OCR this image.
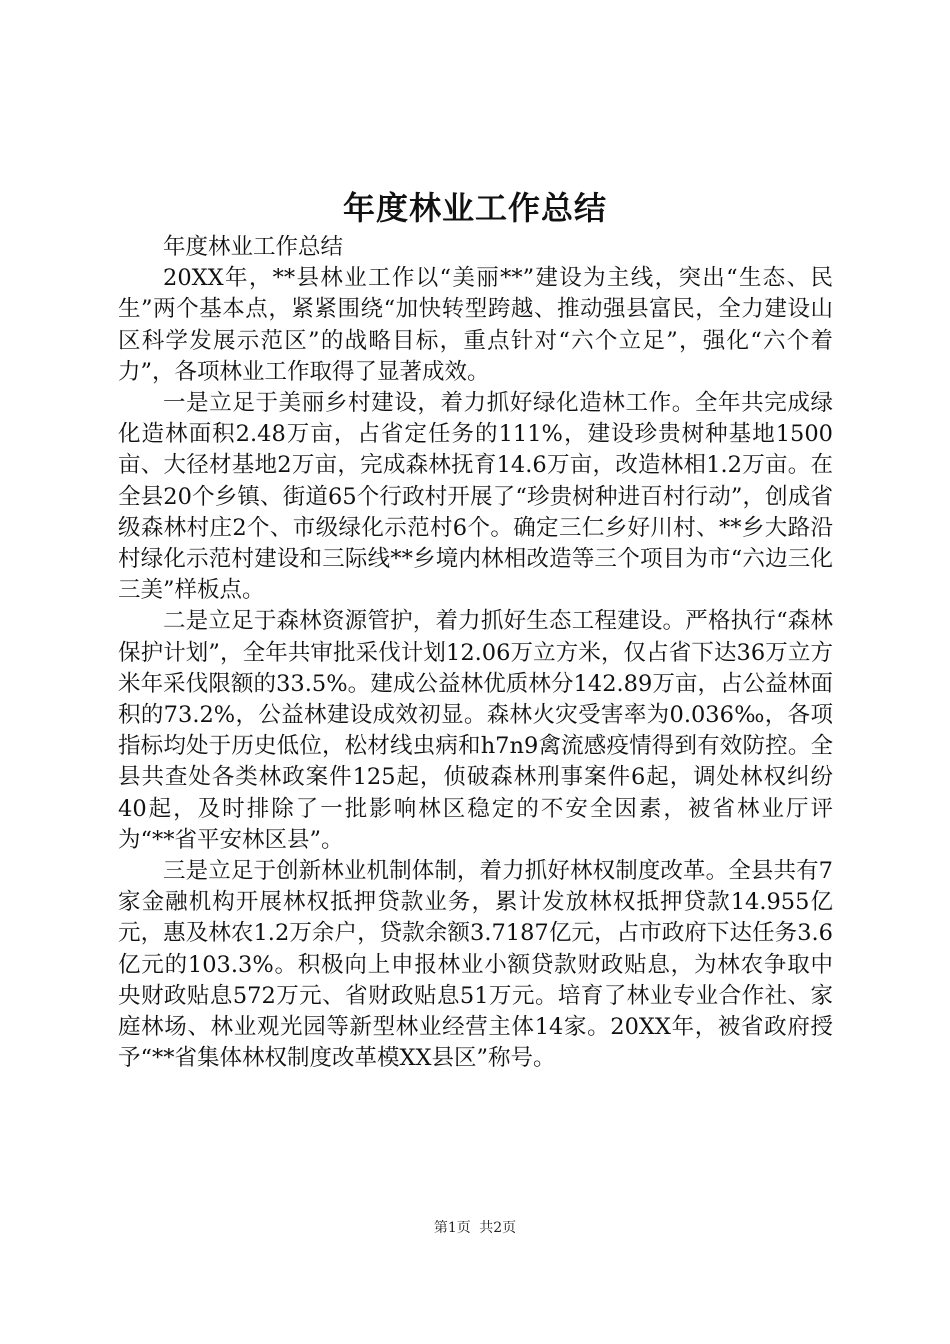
年度林业工作总结

年度林业工作总结

20XX年，**县林业工作以“美丽**”建设为主线，突出“生态、民生”两个基本点，紧紧围绕“加快转型跨越、推动强县富民，全力建设山区科学发展示范区”的战略目标，重点针对“六个立足”，强化“六个着力”，各项林业工作取得了显著成效。

一是立足于美丽乡村建设，着力抓好绿化造林工作。全年共完成绿化造林面积2.48万亩，占省定任务的111%，建设珍贵树种基地1500亩、大径材基地2万亩，完成森林抚育14.6万亩，改造林相1.2万亩。在全县20个乡镇、街道65个行政村开展了“珍贵树种进百村行动”，创成省级森林村庄2个、市级绿化示范村6个。确定三仁乡好川村、**乡大路沿村绿化示范村建设和三际线**乡境内林相改造等三个项目为市“六边三化三美”样板点。

二是立足于森林资源管护，着力抓好生态工程建设。严格执行“森林保护计划”，全年共审批采伐计划12.06万立方米，仅占省下达36万立方米年采伐限额的33.5%。建成公益林优质林分142.89万亩，占公益林面积的73.2%，公益林建设成效初显。森林火灾受害率为0.036‰，各项指标均处于历史低位，松材线虫病和h7n9禽流感疫情得到有效防控。全县共查处各类林政案件125起，侦破森林刑事案件6起，调处林权纠纷40起，及时排除了一批影响林区稳定的不安全因素，被省林业厅评为“**省平安林区县”。

三是立足于创新林业机制体制，着力抓好林权制度改革。全县共有7家金融机构开展林权抵押贷款业务，累计发放林权抵押贷款14.955亿元，惠及林农1.2万余户，贷款余额3.7187亿元，占市政府下达任务3.6亿元的103.3%。积极向上申报林业小额贷款财政贴息，为林农争取中央财政贴息572万元、省财政贴息51万元。培育了林业专业合作社、家庭林场、林业观光园等新型林业经营主体14家。20XX年，被省政府授予“**省集体林权制度改革模XX县区”称号。

第1页 共2页
